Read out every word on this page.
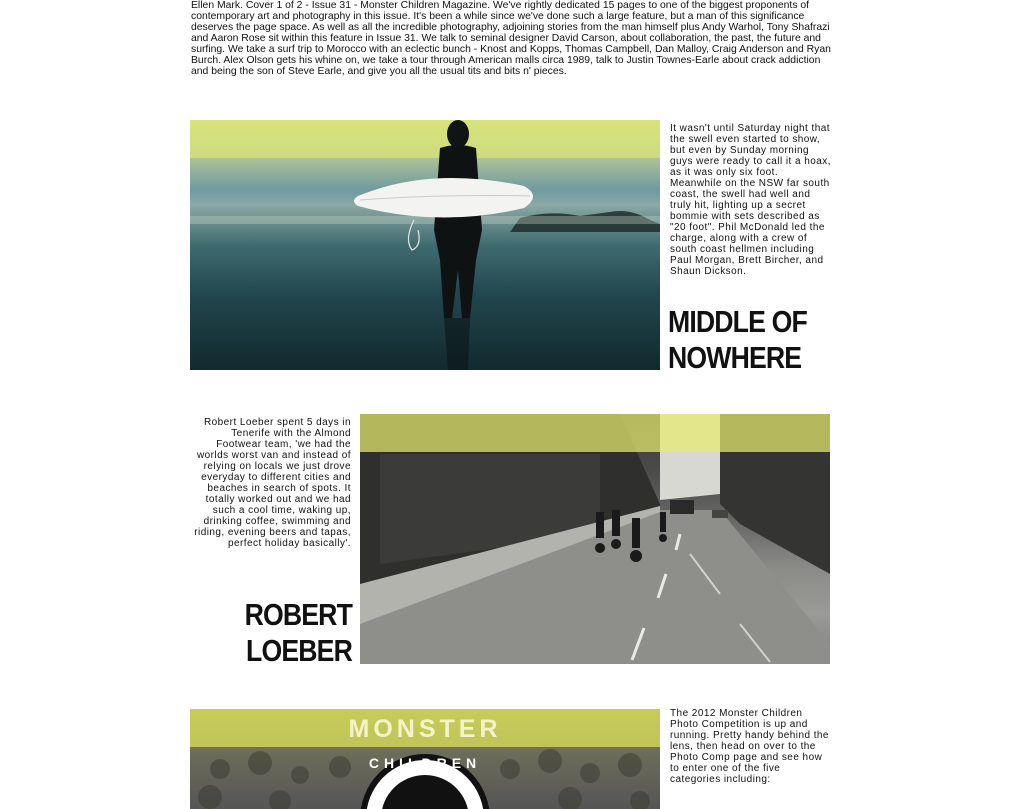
Ellen Mark. Cover 1 of 2 - Issue 31 - Monster Children Magazine. We've rightly dedicated 15 pages to one of the biggest proponents of contemporary art and photography in this issue. It's been a while since we've done such a large feature, but a man of this significance deserves the page space. As well as all the incredible photography, adjoining stories from the man himself plus Andy Warhol, Tony Shafrazi and Aaron Rose sit within this feature in Issue 31. We talk to seminal designer David Carson, about collaboration, the past, the future and surfing. We take a surf trip to Morocco with an eclectic bunch - Knost and Kopps, Thomas Campbell, Dan Malloy, Craig Anderson and Ryan Burch. Alex Olson gets his whine on, we take a tour through American malls circa 1989, talk to Justin Townes-Earle about crack addiction and being the son of Steve Earle, and give you all the usual tits and bits n' pieces.

It wasn't until Saturday night that the swell even started to show, but even by Sunday morning guys were ready to call it a hoax, as it was only six foot. Meanwhile on the NSW far south coast, the swell had well and truly hit, lighting up a secret bommie with sets described as "20 foot". Phil McDonald led the charge, along with a crew of south coast hellmen including Paul Morgan, Brett Bircher, and Shaun Dickson.

MIDDLE OF
NOWHERE

Robert Loeber spent 5 days in Tenerife with the Almond Footwear team, 'we had the worlds worst van and instead of relying on locals we just drove everyday to different cities and beaches in search of spots. It totally worked out and we had such a cool time, waking up, drinking coffee, swimming and riding, evening beers and tapas, perfect holiday basically'.

ROBERT
LOEBER
MONSTER
CHILDREN

The 2012 Monster Children Photo Competition is up and running. Pretty handy behind the lens, then head on over to the Photo Comp page and see how to enter one of the five categories including:
